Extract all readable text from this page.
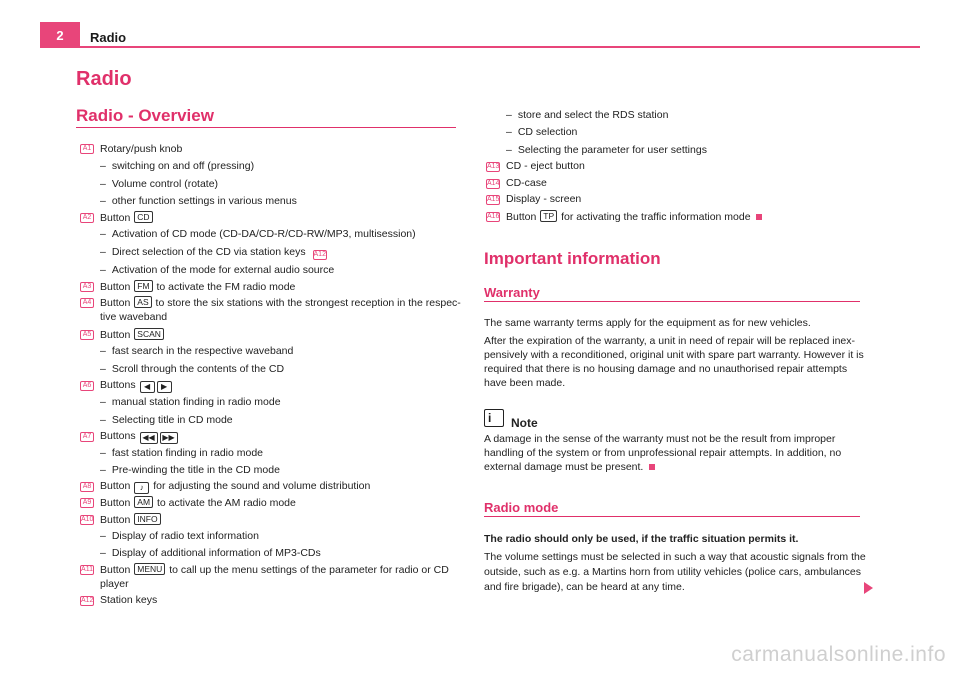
2	Radio
Radio
Radio - Overview
A1 Rotary/push knob
– switching on and off (pressing)
– Volume control (rotate)
– other function settings in various menus
A2 Button CD
– Activation of CD mode (CD-DA/CD-R/CD-RW/MP3, multisession)
– Direct selection of the CD via station keys A12
– Activation of the mode for external audio source
A3 Button FM to activate the FM radio mode
A4 Button AS to store the six stations with the strongest reception in the respec-
tive waveband
A5 Button SCAN
– fast search in the respective waveband
– Scroll through the contents of the CD
A6 Buttons ◀ ▶
– manual station finding in radio mode
– Selecting title in CD mode
A7 Buttons ◀◀ ▶▶
– fast station finding in radio mode
– Pre-winding the title in the CD mode
A8 Button ♪ for adjusting the sound and volume distribution
A9 Button AM to activate the AM radio mode
A10 Button INFO
– Display of radio text information
– Display of additional information of MP3-CDs
A11 Button MENU to call up the menu settings of the parameter for radio or CD
player
A12 Station keys
– store and select the RDS station
– CD selection
– Selecting the parameter for user settings
A13 CD - eject button
A14 CD-case
A15 Display - screen
A16 Button TP for activating the traffic information mode
Important information
Warranty
The same warranty terms apply for the equipment as for new vehicles.
After the expiration of the warranty, a unit in need of repair will be replaced inex-
pensively with a reconditioned, original unit with spare part warranty. However it is
required that there is no housing damage and no unauthorised repair attempts
have been made.
i Note
A damage in the sense of the warranty must not be the result from improper
handling of the system or from unprofessional repair attempts. In addition, no
external damage must be present.
Radio mode
The radio should only be used, if the traffic situation permits it.
The volume settings must be selected in such a way that acoustic signals from the
outside, such as e.g. a Martins horn from utility vehicles (police cars, ambulances
and fire brigade), can be heard at any time.
carmanualsonline.info
